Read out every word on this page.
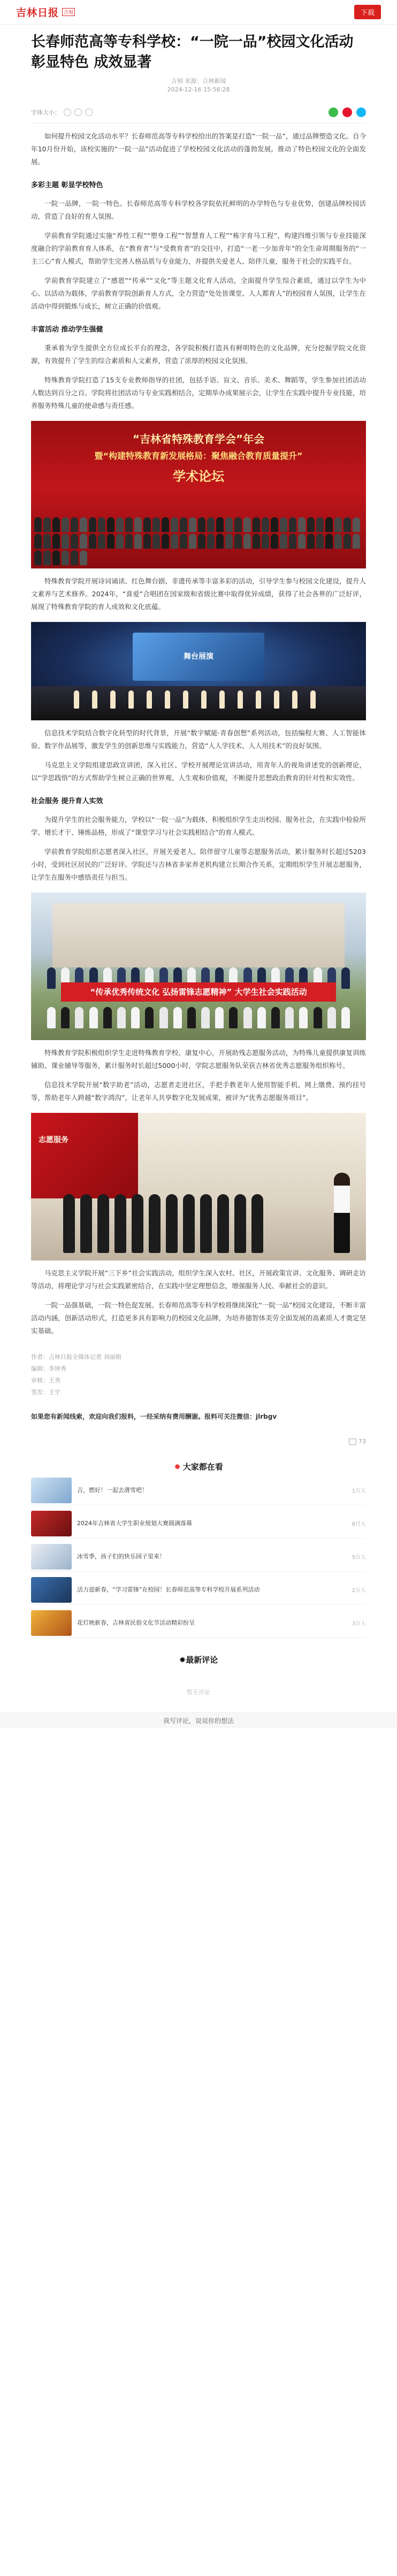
吉林日报	吉刻	下载
长春师范高等专科学校：“一院一品”校园文化活动彰显特色 成效显著
吉刻 来源：吉林新闻
2024-12-16 15:56:28
字体大小：

如何提升校园文化活动水平？长春师范高等专科学校给出的答案是打造“一院一品”，通过品牌塑造文化。自今年10月份开始，该校实施的“一院一品”活动促进了学校校园文化活动的蓬勃发展，推动了特色校园文化的全面发展。

多彩主题 彰显学校特色

一院一品牌，一院一特色。长春师范高等专科学校各学院依托鲜明的办学特色与专业优势，创建品牌校园活动，营造了良好的育人氛围。

学前教育学院通过实施“养性工程”“塑身工程”“智慧育人工程”“栋字育马工程”，构建四维引领与专业技能深度融合的学前教育育人体系，在“教育者”与“受教育者”的交往中，打造“一老一少加青年”的全生命周期服务的“一主三心”育人模式，帮助学生完善人格品质与专业能力，并提供关爱老人、陪伴儿童，服务于社会的实践平台。

学前教育学院建立了“感恩”“传承”“文化”等主题文化育人活动，全面提升学生综合素质，通过以学生为中心、以活动为载体，学前教育学院创新育人方式，全力营造“处处皆课堂、人人都育人”的校园育人氛围，让学生在活动中得到锻炼与成长，树立正确的价值观。

丰富活动 推动学生强健

秉承着为学生提供全方位成长平台的理念，各学院积极打造具有鲜明特色的文化品牌，充分挖掘学院文化资源，有效提升了学生的综合素质和人文素养，营造了浓厚的校园文化氛围。

特殊教育学院打造了15支专业教师指导的社团，包括手语、盲文、音乐、美术、舞蹈等，学生参加社团活动人数达到百分之百。学院将社团活动与专业实践相结合，定期举办成果展示会，让学生在实践中提升专业技能，培养服务特殊儿童的使命感与责任感。

“吉林省特殊教育学会”年会
暨“构建特殊教育新发展格局：聚焦融合教育质量提升”
学术论坛

特殊教育学院开展诗词诵读、红色舞台剧、非遗传承等丰富多彩的活动，引导学生参与校园文化建设，提升人文素养与艺术修养。2024年，“喜爱”合唱团在国家级和省级比赛中取得优异成绩，获得了社会各界的广泛好评，展现了特殊教育学院的育人成效和文化底蕴。

舞台展演

信息技术学院结合数字化转型的时代背景，开展“数字赋能·青春创想”系列活动，包括编程大赛、人工智能体验、数字作品展等，激发学生的创新思维与实践能力，营造“人人学技术、人人用技术”的良好氛围。

马克思主义学院组建思政宣讲团，深入社区、学校开展理论宣讲活动，用青年人的视角讲述党的创新理论，以“学思践悟”的方式帮助学生树立正确的世界观、人生观和价值观，不断提升思想政治教育的针对性和实效性。

社会服务 提升育人实效

为提升学生的社会服务能力，学校以“一院一品”为载体，积极组织学生走出校园、服务社会，在实践中检验所学、增长才干、锤炼品格，形成了“课堂学习与社会实践相结合”的育人模式。

学前教育学院组织志愿者深入社区，开展关爱老人、陪伴留守儿童等志愿服务活动，累计服务时长超过5203小时，受到社区居民的广泛好评。学院还与吉林省多家养老机构建立长期合作关系，定期组织学生开展志愿服务，让学生在服务中感悟责任与担当。

“传承优秀传统文化 弘扬雷锋志愿精神” 大学生社会实践活动

特殊教育学院积极组织学生走进特殊教育学校、康复中心，开展助残志愿服务活动，为特殊儿童提供康复训练辅助、课业辅导等服务，累计服务时长超过5000小时，学院志愿服务队荣获吉林省优秀志愿服务组织称号。

信息技术学院开展“数字助老”活动，志愿者走进社区，手把手教老年人使用智能手机、网上缴费、预约挂号等，帮助老年人跨越“数字鸿沟”，让老年人共享数字化发展成果，被评为“优秀志愿服务项目”。

志愿服务

马克思主义学院开展“三下乡”社会实践活动，组织学生深入农村、社区，开展政策宣讲、文化服务、调研走访等活动，将理论学习与社会实践紧密结合，在实践中坚定理想信念，增强服务人民、奉献社会的意识。

一院一品强基础，一院一特色促发展。长春师范高等专科学校将继续深化“一院一品”校园文化建设，不断丰富活动内涵，创新活动形式，打造更多具有影响力的校园文化品牌，为培养德智体美劳全面发展的高素质人才奠定坚实基础。

作者：吉林日报全媒体记者 刘丽娟
编辑：李钟秀
审核：王秀
签发：王宇
如果您有新闻线索，欢迎向我们报料，一经采纳有费用酬谢。报料可关注微信：jlrbgv
73
✹ 大家都在看
吉，燃好！一起去滑雪吧！	1万人
2024年吉林省大学生职业规划大赛圆满落幕	8月人
冰雪季，孩子们的快乐园子里来！	5万人
活力迎新春，“学习雷锋”在校园！长春师范高等专科学校开展系列活动	2万人
花灯映新春，吉林省民俗文化节活动精彩纷呈	3万人
✹最新评论
暂无评论
我写评论，说说你的想法
